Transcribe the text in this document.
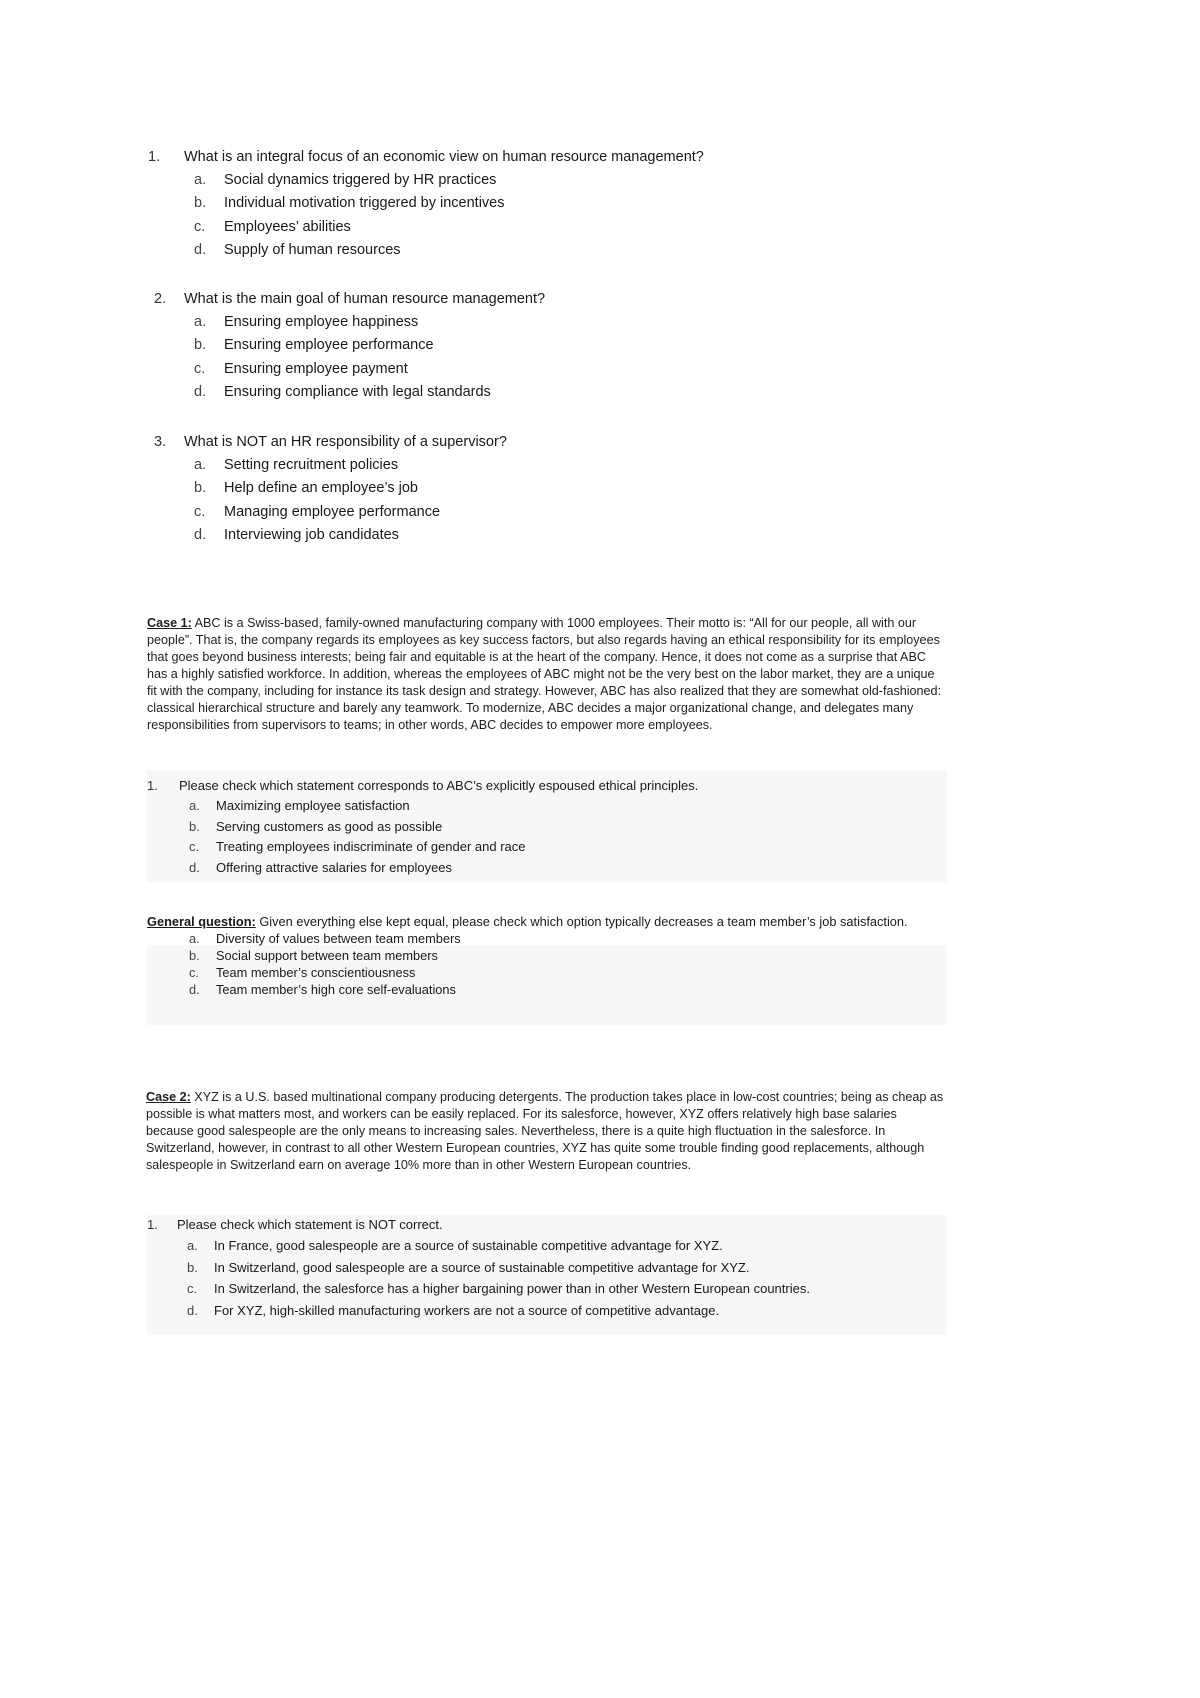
1.	What is an integral focus of an economic view on human resource management?
a.	Social dynamics triggered by HR practices
b.	Individual motivation triggered by incentives
c.	Employees’ abilities
d.	Supply of human resources
2.	What is the main goal of human resource management?
a.	Ensuring employee happiness
b.	Ensuring employee performance
c.	Ensuring employee payment
d.	Ensuring compliance with legal standards
3.	What is NOT an HR responsibility of a supervisor?
a.	Setting recruitment policies
b.	Help define an employee’s job
c.	Managing employee performance
d.	Interviewing job candidates
Case 1: ABC is a Swiss-based, family-owned manufacturing company with 1000 employees. Their motto is: “All for our people, all with our people”. That is, the company regards its employees as key success factors, but also regards having an ethical responsibility for its employees that goes beyond business interests; being fair and equitable is at the heart of the company. Hence, it does not come as a surprise that ABC has a highly satisfied workforce. In addition, whereas the employees of ABC might not be the very best on the labor market, they are a unique fit with the company, including for instance its task design and strategy. However, ABC has also realized that they are somewhat old-fashioned: classical hierarchical structure and barely any teamwork. To modernize, ABC decides a major organizational change, and delegates many responsibilities from supervisors to teams; in other words, ABC decides to empower more employees.
1.	Please check which statement corresponds to ABC’s explicitly espoused ethical principles.
a.	Maximizing employee satisfaction
b.	Serving customers as good as possible
c.	Treating employees indiscriminate of gender and race
d.	Offering attractive salaries for employees
General question: Given everything else kept equal, please check which option typically decreases a team member’s job satisfaction.
a.	Diversity of values between team members
b.	Social support between team members
c.	Team member’s conscientiousness
d.	Team member’s high core self-evaluations
Case 2: XYZ is a U.S. based multinational company producing detergents. The production takes place in low-cost countries; being as cheap as possible is what matters most, and workers can be easily replaced. For its salesforce, however, XYZ offers relatively high base salaries because good salespeople are the only means to increasing sales. Nevertheless, there is a quite high fluctuation in the salesforce. In Switzerland, however, in contrast to all other Western European countries, XYZ has quite some trouble finding good replacements, although salespeople in Switzerland earn on average 10% more than in other Western European countries.
1.	Please check which statement is NOT correct.
a.	In France, good salespeople are a source of sustainable competitive advantage for XYZ.
b.	In Switzerland, good salespeople are a source of sustainable competitive advantage for XYZ.
c.	In Switzerland, the salesforce has a higher bargaining power than in other Western European countries.
d.	For XYZ, high-skilled manufacturing workers are not a source of competitive advantage.
